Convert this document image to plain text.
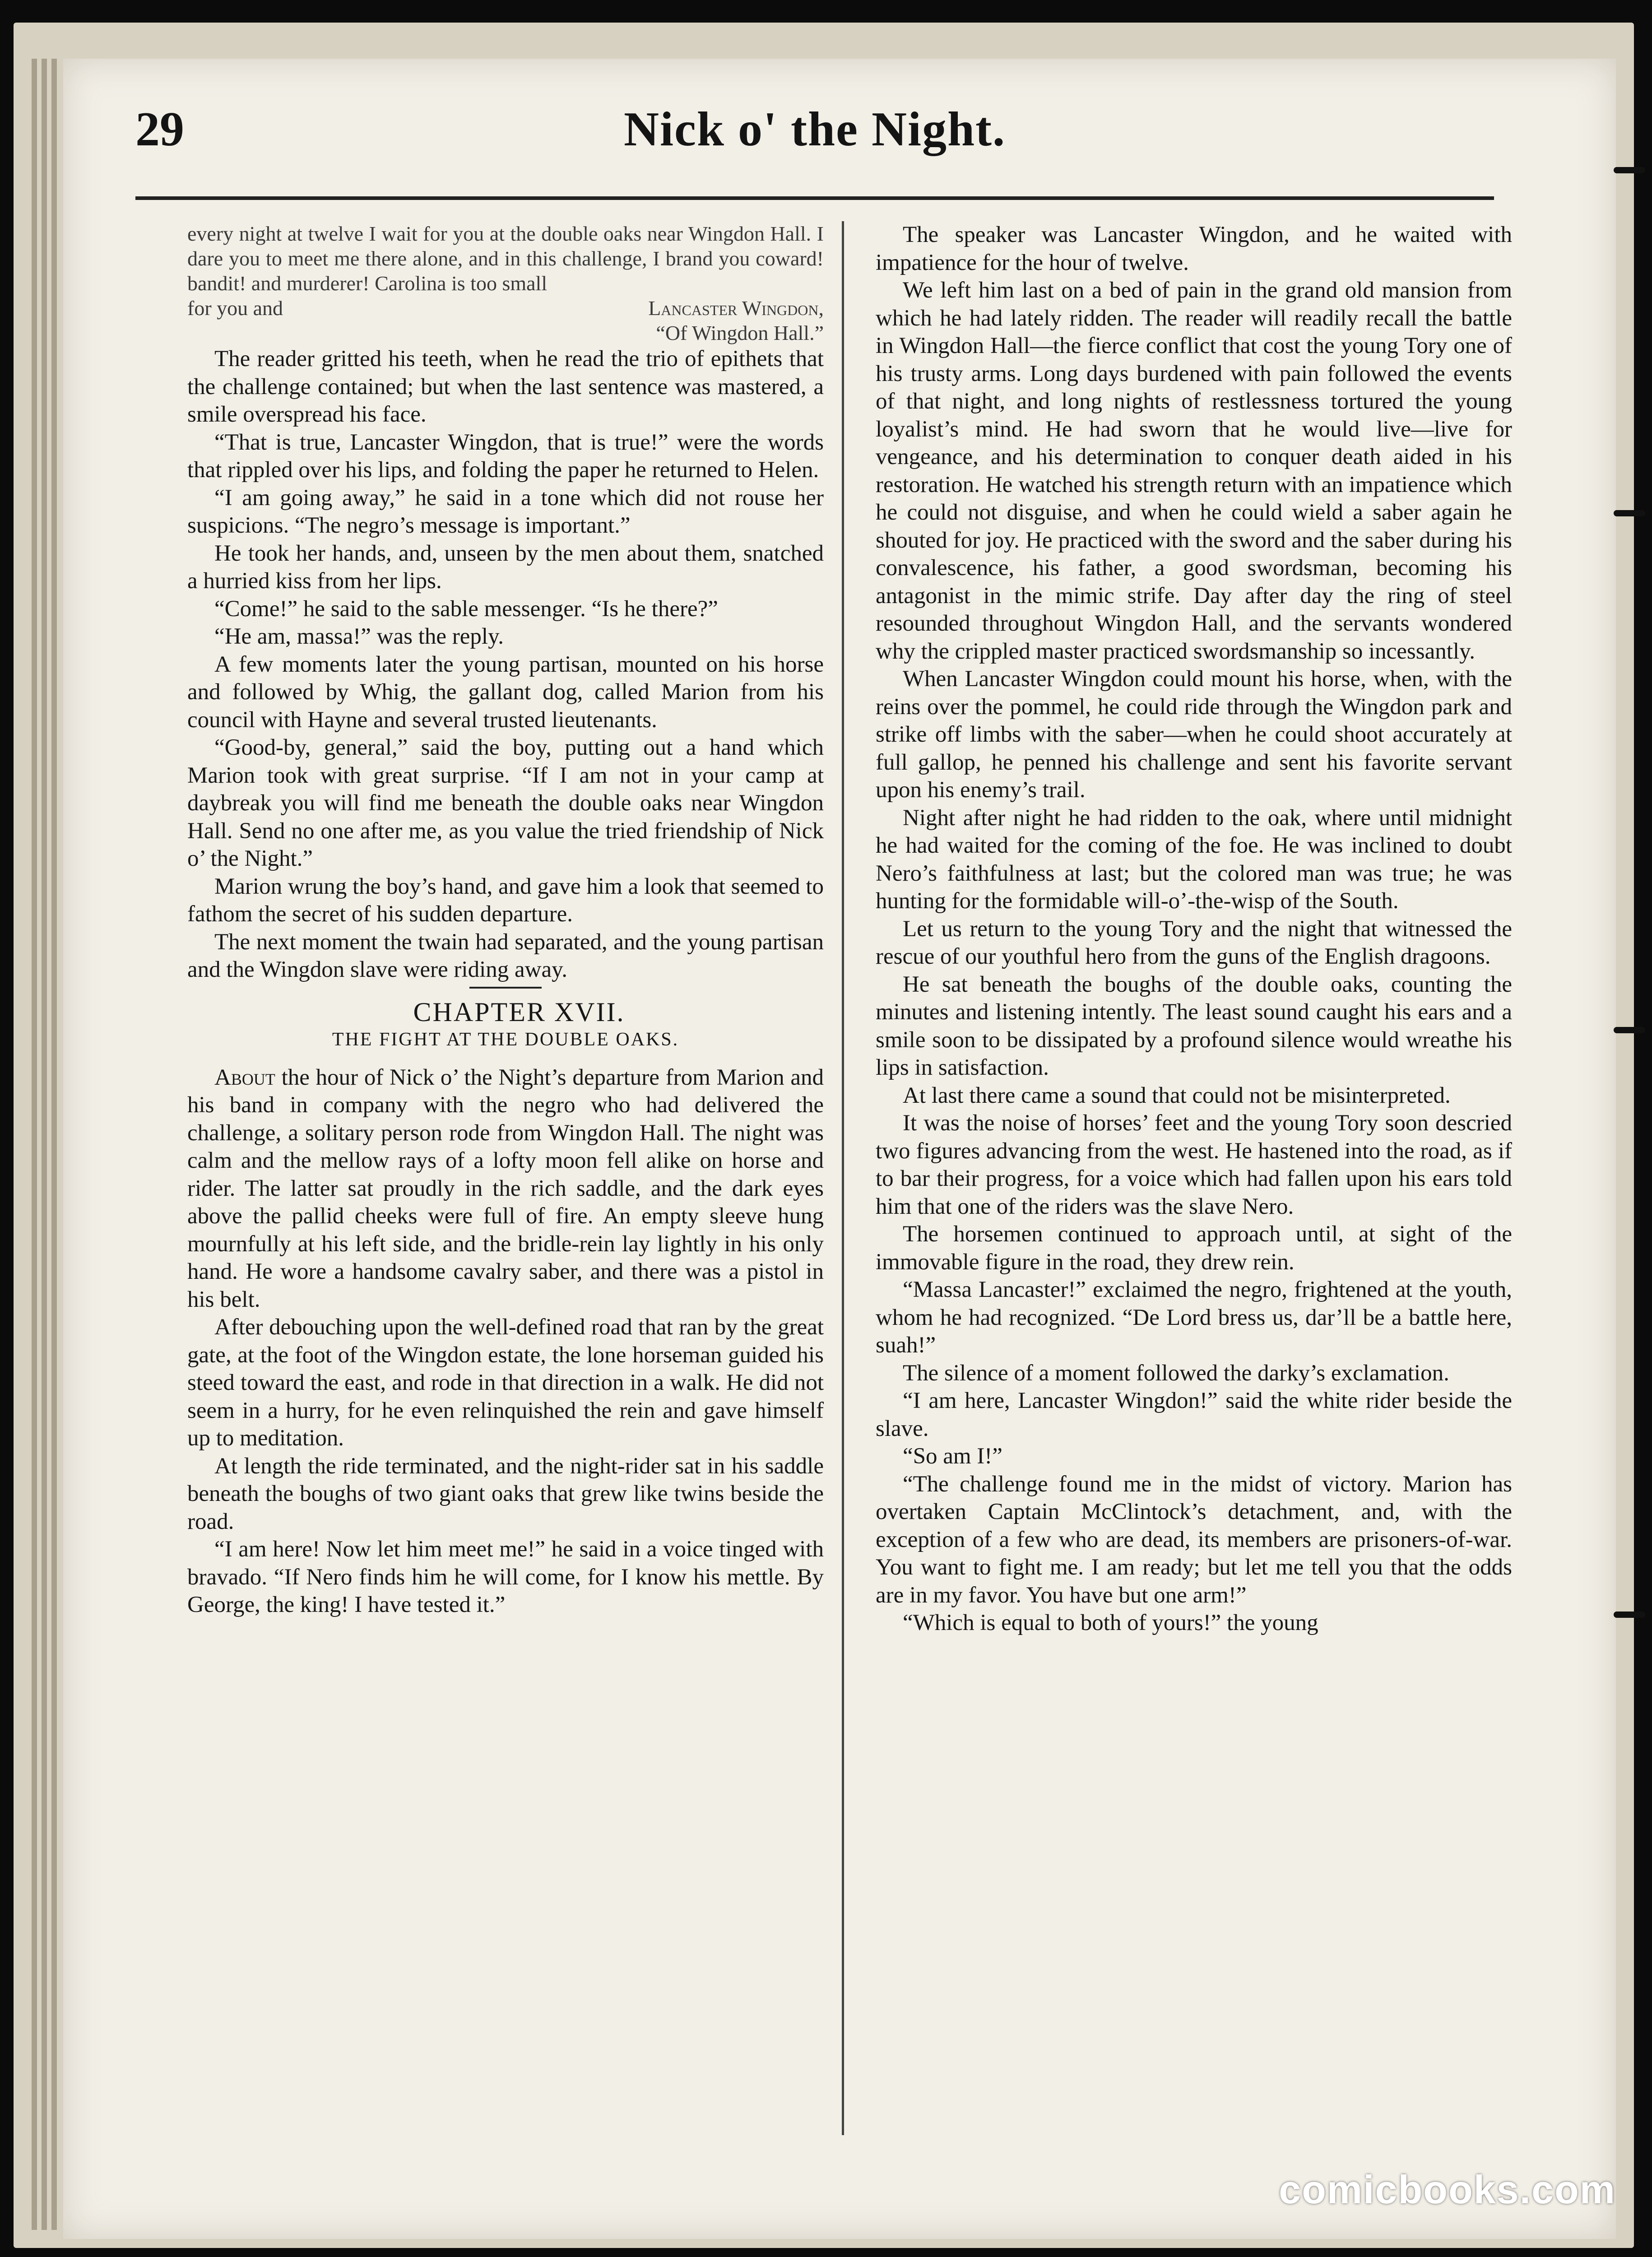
29	Nick o' the Night.

every night at twelve I wait for you at the double oaks near Wingdon Hall. I dare you to meet me there alone, and in this challenge, I brand you coward! bandit! and murderer! Carolina is too small

for you and	Lancaster Wingdon,
“Of Wingdon Hall.”

The reader gritted his teeth, when he read the trio of epithets that the challenge contained; but when the last sentence was mastered, a smile overspread his face.

“That is true, Lancaster Wingdon, that is true!” were the words that rippled over his lips, and folding the paper he returned to Helen.

“I am going away,” he said in a tone which did not rouse her suspicions. “The negro’s message is important.”

He took her hands, and, unseen by the men about them, snatched a hurried kiss from her lips.

“Come!” he said to the sable messenger. “Is he there?”

“He am, massa!” was the reply.

A few moments later the young partisan, mounted on his horse and followed by Whig, the gallant dog, called Marion from his council with Hayne and several trusted lieutenants.

“Good-by, general,” said the boy, putting out a hand which Marion took with great surprise. “If I am not in your camp at daybreak you will find me beneath the double oaks near Wingdon Hall. Send no one after me, as you value the tried friendship of Nick o’ the Night.”

Marion wrung the boy’s hand, and gave him a look that seemed to fathom the secret of his sudden departure.

The next moment the twain had separated, and the young partisan and the Wingdon slave were riding away.

CHAPTER XVII.

THE FIGHT AT THE DOUBLE OAKS.

About the hour of Nick o’ the Night’s departure from Marion and his band in company with the negro who had delivered the challenge, a solitary person rode from Wingdon Hall. The night was calm and the mellow rays of a lofty moon fell alike on horse and rider. The latter sat proudly in the rich saddle, and the dark eyes above the pallid cheeks were full of fire. An empty sleeve hung mournfully at his left side, and the bridle-rein lay lightly in his only hand. He wore a handsome cavalry saber, and there was a pistol in his belt.

After debouching upon the well-defined road that ran by the great gate, at the foot of the Wingdon estate, the lone horseman guided his steed toward the east, and rode in that direction in a walk. He did not seem in a hurry, for he even relinquished the rein and gave himself up to meditation.

At length the ride terminated, and the night-rider sat in his saddle beneath the boughs of two giant oaks that grew like twins beside the road.

“I am here! Now let him meet me!” he said in a voice tinged with bravado. “If Nero finds him he will come, for I know his mettle. By George, the king! I have tested it.”

The speaker was Lancaster Wingdon, and he waited with impatience for the hour of twelve.

We left him last on a bed of pain in the grand old mansion from which he had lately ridden. The reader will readily recall the battle in Wingdon Hall—the fierce conflict that cost the young Tory one of his trusty arms. Long days burdened with pain followed the events of that night, and long nights of restlessness tortured the young loyalist’s mind. He had sworn that he would live—live for vengeance, and his determination to conquer death aided in his restoration. He watched his strength return with an impatience which he could not disguise, and when he could wield a saber again he shouted for joy. He practiced with the sword and the saber during his convalescence, his father, a good swordsman, becoming his antagonist in the mimic strife. Day after day the ring of steel resounded throughout Wingdon Hall, and the servants wondered why the crippled master practiced swordsmanship so incessantly.

When Lancaster Wingdon could mount his horse, when, with the reins over the pommel, he could ride through the Wingdon park and strike off limbs with the saber—when he could shoot accurately at full gallop, he penned his challenge and sent his favorite servant upon his enemy’s trail.

Night after night he had ridden to the oak, where until midnight he had waited for the coming of the foe. He was inclined to doubt Nero’s faithfulness at last; but the colored man was true; he was hunting for the formidable will-o’-the-wisp of the South.

Let us return to the young Tory and the night that witnessed the rescue of our youthful hero from the guns of the English dragoons.

He sat beneath the boughs of the double oaks, counting the minutes and listening intently. The least sound caught his ears and a smile soon to be dissipated by a profound silence would wreathe his lips in satisfaction.

At last there came a sound that could not be misinterpreted.

It was the noise of horses’ feet and the young Tory soon descried two figures advancing from the west. He hastened into the road, as if to bar their progress, for a voice which had fallen upon his ears told him that one of the riders was the slave Nero.

The horsemen continued to approach until, at sight of the immovable figure in the road, they drew rein.

“Massa Lancaster!” exclaimed the negro, frightened at the youth, whom he had recognized. “De Lord bress us, dar’ll be a battle here, suah!”

The silence of a moment followed the darky’s exclamation.

“I am here, Lancaster Wingdon!” said the white rider beside the slave.

“So am I!”

“The challenge found me in the midst of victory. Marion has overtaken Captain McClintock’s detachment, and, with the exception of a few who are dead, its members are prisoners-of-war. You want to fight me. I am ready; but let me tell you that the odds are in my favor. You have but one arm!”

“Which is equal to both of yours!” the young

comicbooks.com
